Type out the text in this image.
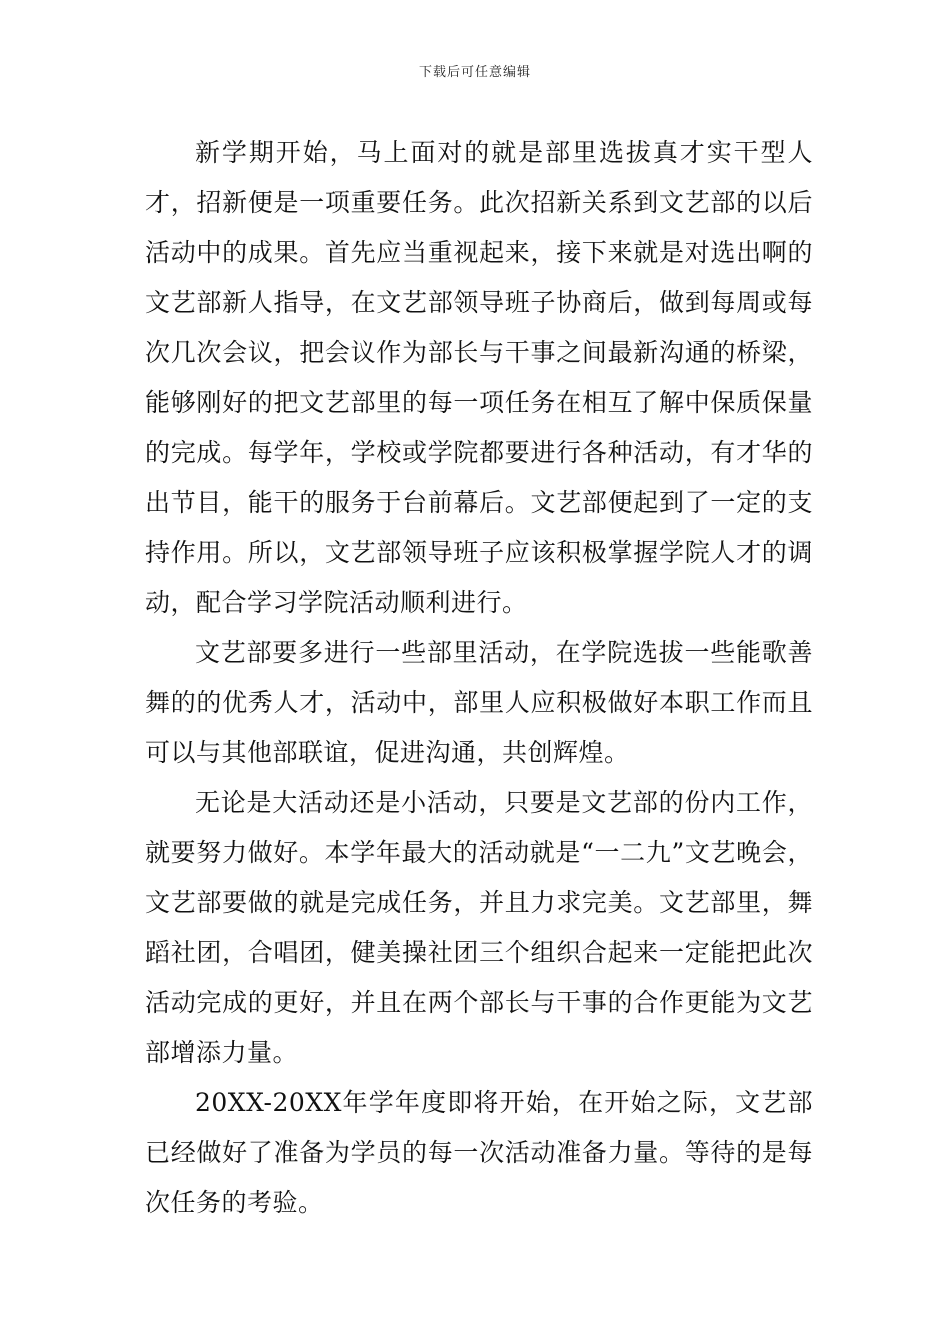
下载后可任意编辑

新学期开始，马上面对的就是部里选拔真才实干型人才，招新便是一项重要任务。此次招新关系到文艺部的以后活动中的成果。首先应当重视起来，接下来就是对选出啊的文艺部新人指导，在文艺部领导班子协商后，做到每周或每次几次会议，把会议作为部长与干事之间最新沟通的桥梁，能够刚好的把文艺部里的每一项任务在相互了解中保质保量的完成。每学年，学校或学院都要进行各种活动，有才华的出节目，能干的服务于台前幕后。文艺部便起到了一定的支持作用。所以，文艺部领导班子应该积极掌握学院人才的调动，配合学习学院活动顺利进行。

文艺部要多进行一些部里活动，在学院选拔一些能歌善舞的的优秀人才，活动中，部里人应积极做好本职工作而且可以与其他部联谊，促进沟通，共创辉煌。

无论是大活动还是小活动，只要是文艺部的份内工作，就要努力做好。本学年最大的活动就是“一二九”文艺晚会，文艺部要做的就是完成任务，并且力求完美。文艺部里，舞蹈社团，合唱团，健美操社团三个组织合起来一定能把此次活动完成的更好，并且在两个部长与干事的合作更能为文艺部增添力量。

20XX-20XX年学年度即将开始，在开始之际，文艺部已经做好了准备为学员的每一次活动准备力量。等待的是每次任务的考验。
